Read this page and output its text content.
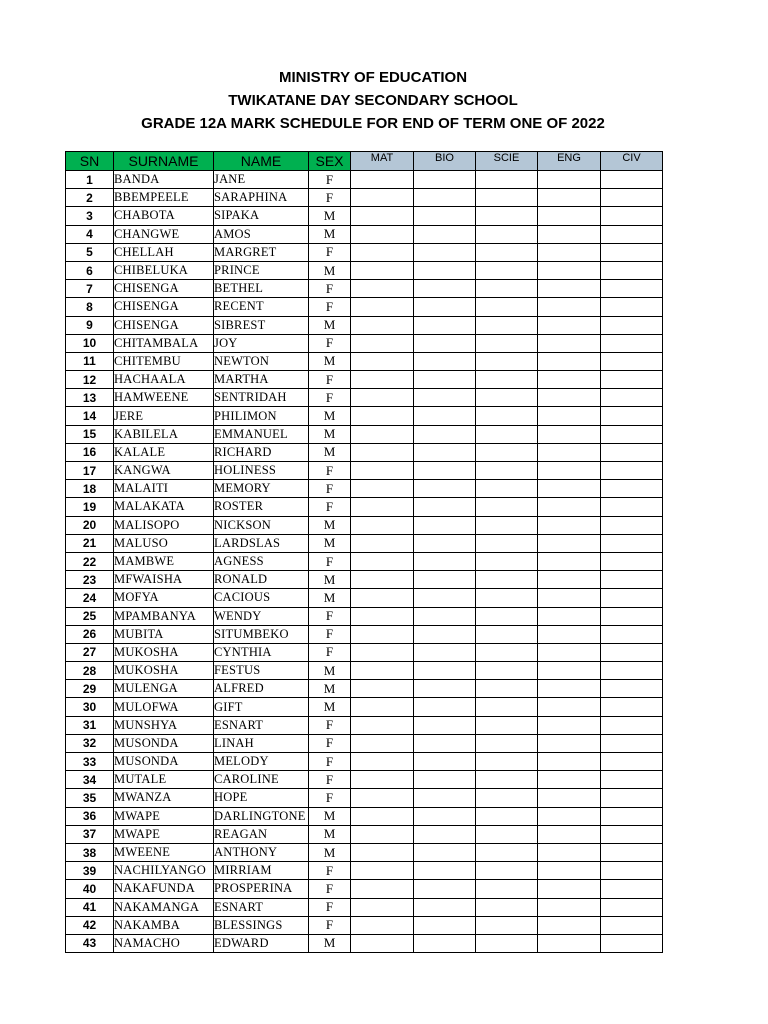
MINISTRY OF EDUCATION
TWIKATANE DAY SECONDARY SCHOOL
GRADE 12A MARK SCHEDULE FOR END OF TERM ONE OF 2022
SN	SURNAME	NAME	SEX	MAT	BIO	SCIE	ENG	CIV
1	BANDA	JANE	F					
2	BBEMPEELE	SARAPHINA	F					
3	CHABOTA	SIPAKA	M					
4	CHANGWE	AMOS	M					
5	CHELLAH	MARGRET	F					
6	CHIBELUKA	PRINCE	M					
7	CHISENGA	BETHEL	F					
8	CHISENGA	RECENT	F					
9	CHISENGA	SIBREST	M					
10	CHITAMBALA	JOY	F					
11	CHITEMBU	NEWTON	M					
12	HACHAALA	MARTHA	F					
13	HAMWEENE	SENTRIDAH	F					
14	JERE	PHILIMON	M					
15	KABILELA	EMMANUEL	M					
16	KALALE	RICHARD	M					
17	KANGWA	HOLINESS	F					
18	MALAITI	MEMORY	F					
19	MALAKATA	ROSTER	F					
20	MALISOPO	NICKSON	M					
21	MALUSO	LARDSLAS	M					
22	MAMBWE	AGNESS	F					
23	MFWAISHA	RONALD	M					
24	MOFYA	CACIOUS	M					
25	MPAMBANYA	WENDY	F					
26	MUBITA	SITUMBEKO	F					
27	MUKOSHA	CYNTHIA	F					
28	MUKOSHA	FESTUS	M					
29	MULENGA	ALFRED	M					
30	MULOFWA	GIFT	M					
31	MUNSHYA	ESNART	F					
32	MUSONDA	LINAH	F					
33	MUSONDA	MELODY	F					
34	MUTALE	CAROLINE	F					
35	MWANZA	HOPE	F					
36	MWAPE	DARLINGTONE	M					
37	MWAPE	REAGAN	M					
38	MWEENE	ANTHONY	M					
39	NACHILYANGO	MIRRIAM	F					
40	NAKAFUNDA	PROSPERINA	F					
41	NAKAMANGA	ESNART	F					
42	NAKAMBA	BLESSINGS	F					
43	NAMACHO	EDWARD	M					
